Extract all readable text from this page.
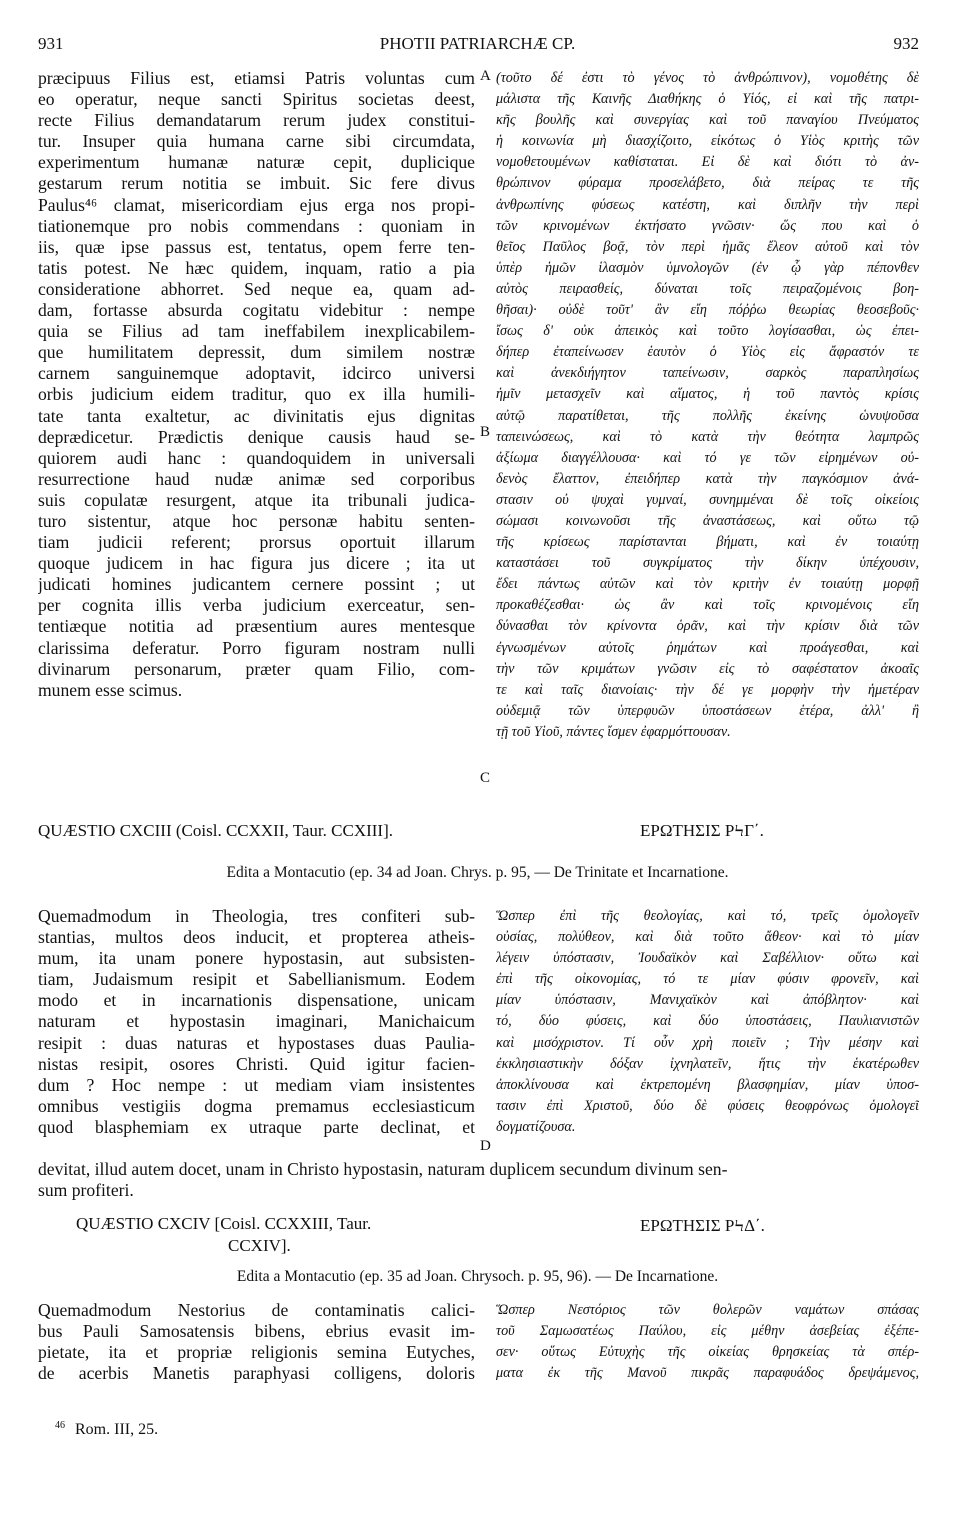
931	PHOTII PATRIARCHÆ CP.	932
præcipuus Filius est, etiamsi Patris voluntas cum
eo operatur, neque sancti Spiritus societas deest,
recte Filius demandatarum rerum judex constitui-
tur. Insuper quia humana carne sibi circumdata,
experimentum humanæ naturæ cepit, duplicique
gestarum rerum notitia se imbuit. Sic fere divus
Paulus⁴⁶ clamat, misericordiam ejus erga nos propi-
tiationemque pro nobis commendans : quoniam in
iis, quæ ipse passus est, tentatus, opem ferre ten-
tatis potest. Ne hæc quidem, inquam, ratio a pia
consideratione abhorret. Sed neque ea, quam ad-
dam, fortasse absurda cogitatu videbitur : nempe
quia se Filius ad tam ineffabilem inexplicabilem-
que humilitatem depressit, dum similem nostræ
carnem sanguinemque adoptavit, idcirco universi
orbis judicium eidem traditur, quo ex illa humili-
tate tanta exaltetur, ac divinitatis ejus dignitas
deprædicetur. Prædictis denique causis haud se-
quiorem audi hanc : quandoquidem in universali
resurrectione haud nudæ animæ sed corporibus
suis copulatæ resurgent, atque ita tribunali judica-
turo sistentur, atque hoc personæ habitu senten-
tiam judicii referent; prorsus oportuit illarum
quoque judicem in hac figura jus dicere ; ita ut
judicati homines judicantem cernere possint ; ut
per cognita illis verba judicium exerceatur, sen-
tentiæque notitia ad præsentium aures mentesque
clarissima deferatur. Porro figuram nostram nulli
divinarum personarum, præter quam Filio, com-
munem esse scimus.
(τοῦτο δέ ἐστι τὸ γένος τὸ ἀνθρώπινον), νομοθέτης δὲ
μάλιστα τῆς Καινῆς Διαθήκης ὁ Υἱός, εἰ καὶ τῆς πατρι-
κῆς βουλῆς καὶ συνεργίας καὶ τοῦ παναγίου Πνεύματος
ἡ κοινωνία μὴ διασχίζοιτο, εἰκότως ὁ Υἱὸς κριτὴς τῶν
νομοθετουμένων καθίσταται. Εἰ δὲ καὶ διότι τὸ ἀν-
θρώπινον φύραμα προσελάβετο, διὰ πείρας τε τῆς
ἀνθρωπίνης φύσεως κατέστη, καὶ διπλῆν τὴν περὶ
τῶν κρινομένων ἐκτήσατο γνῶσιν· ὥς που καὶ ὁ
θεῖος Παῦλος βοᾷ, τὸν περὶ ἡμᾶς ἔλεον αὐτοῦ καὶ τὸν
ὑπὲρ ἡμῶν ἱλασμὸν ὑμνολογῶν (ἐν ᾧ γὰρ πέπονθεν
αὐτὸς πειρασθείς, δύναται τοῖς πειραζομένοις βοη-
θῆσαι)· οὐδὲ τοῦτ' ἂν εἴη πόῤῥω θεωρίας θεοσεβοῦς·
ἴσως δ' οὐκ ἀπεικὸς καὶ τοῦτο λογίσασθαι, ὡς ἐπει-
δήπερ ἐταπείνωσεν ἑαυτὸν ὁ Υἱὸς εἰς ἄφραστόν τε
καὶ ἀνεκδιήγητον ταπείνωσιν, σαρκὸς παραπλησίως
ἡμῖν μετασχεῖν καὶ αἵματος, ἡ τοῦ παντὸς κρίσις
αὐτῷ παρατίθεται, τῆς πολλῆς ἐκείνης ὡνυψοῦσα
ταπεινώσεως, καὶ τὸ κατὰ τὴν θεότητα λαμπρῶς
ἀξίωμα διαγγέλλουσα· καὶ τό γε τῶν εἰρημένων οὐ-
δενὸς ἔλαττον, ἐπειδήπερ κατὰ τὴν παγκόσμιον ἀνά-
στασιν οὐ ψυχαὶ γυμναί, συνημμέναι δὲ τοῖς οἰκείοις
σώμασι κοινωνοῦσι τῆς ἀναστάσεως, καὶ οὕτω τῷ
τῆς κρίσεως παρίστανται βήματι, καὶ ἐν τοιαύτῃ
καταστάσει τοῦ συγκρίματος τὴν δίκην ὑπέχουσιν,
ἔδει πάντως αὐτῶν καὶ τὸν κριτὴν ἐν τοιαύτῃ μορφῇ
προκαθέζεσθαι· ὡς ἂν καὶ τοῖς κρινομένοις εἴη
δύνασθαι τὸν κρίνοντα ὁρᾶν, καὶ τὴν κρίσιν διὰ τῶν
ἐγνωσμένων αὐτοῖς ῥημάτων καὶ προάγεσθαι, καὶ
τὴν τῶν κριμάτων γνῶσιν εἰς τὸ σαφέστατον ἀκοαῖς
τε καὶ ταῖς διανοίαις· τὴν δέ γε μορφὴν τὴν ἡμετέραν
οὐδεμιᾷ τῶν ὑπερφυῶν ὑποστάσεων ἑτέρα, ἀλλ' ἢ
τῇ τοῦ Υἱοῦ, πάντες ἴσμεν ἐφαρμόττουσαν.
A
B
C
D
QUÆSTIO CXCIII (Coisl. CCXXII, Taur. CCXIII].	ΕΡΩΤΗΣΙΣ ΡϞΓ΄.
Edita a Montacutio (ep. 34 ad Joan. Chrys. p. 95, — De Trinitate et Incarnatione.
Quemadmodum in Theologia, tres confiteri sub-
stantias, multos deos inducit, et propterea atheis-
mum, ita unam ponere hypostasin, aut subsisten-
tiam, Judaismum resipit et Sabellianismum. Eodem
modo et in incarnationis dispensatione, unicam
naturam et hypostasin imaginari, Manichaicum
resipit : duas naturas et hypostases duas Paulia-
nistas resipit, osores Christi. Quid igitur facien-
dum ? Hoc nempe : ut mediam viam insistentes
omnibus vestigiis dogma premamus ecclesiasticum
quod blasphemiam ex utraque parte declinat, et
Ὥσπερ ἐπὶ τῆς θεολογίας, καὶ τό, τρεῖς ὁμολογεῖν
οὐσίας, πολύθεον, καὶ διὰ τοῦτο ἄθεον· καὶ τὸ μίαν
λέγειν ὑπόστασιν, Ἰουδαϊκὸν καὶ Σαβέλλιον· οὕτω καὶ
ἐπὶ τῆς οἰκονομίας, τό τε μίαν φύσιν φρονεῖν, καὶ
μίαν ὑπόστασιν, Μανιχαϊκὸν καὶ ἀπόβλητον· καὶ
τό, δύο φύσεις, καὶ δύο ὑποστάσεις, Παυλιανιστῶν
καὶ μισόχριστον. Τί οὖν χρὴ ποιεῖν ; Τὴν μέσην καὶ
ἐκκλησιαστικὴν δόξαν ἰχνηλατεῖν, ἥτις τὴν ἑκατέρωθεν
ἀποκλίνουσα καὶ ἐκτρεπομένη βλασφημίαν, μίαν ὑποσ-
τασιν ἐπὶ Χριστοῦ, δύο δὲ φύσεις θεοφρόνως ὁμολογεῖ
δογματίζουσα.
devitat, illud autem docet, unam in Christo hypostasin, naturam duplicem secundum divinum sen-
sum profiteri.
QUÆSTIO CXCIV [Coisl. CCXXIII, Taur.
CCXIV].
ΕΡΩΤΗΣΙΣ ΡϞΔ΄.
Edita a Montacutio (ep. 35 ad Joan. Chrysoch. p. 95, 96). — De Incarnatione.
Quemadmodum Nestorius de contaminatis calici-
bus Pauli Samosatensis bibens, ebrius evasit im-
pietate, ita et propriæ religionis semina Eutyches,
de acerbis Manetis paraphyasi colligens, doloris
Ὥσπερ Νεστόριος τῶν θολερῶν ναμάτων σπάσας
τοῦ Σαμωσατέως Παύλου, εἰς μέθην ἀσεβείας ἐξέπε-
σεν· οὕτως Εὐτυχὴς τῆς οἰκείας θρησκείας τὰ σπέρ-
ματα ἐκ τῆς Μανοῦ πικρᾶς παραφυάδος δρεψάμενος,
$^{46}$ Rom. III, 25.
